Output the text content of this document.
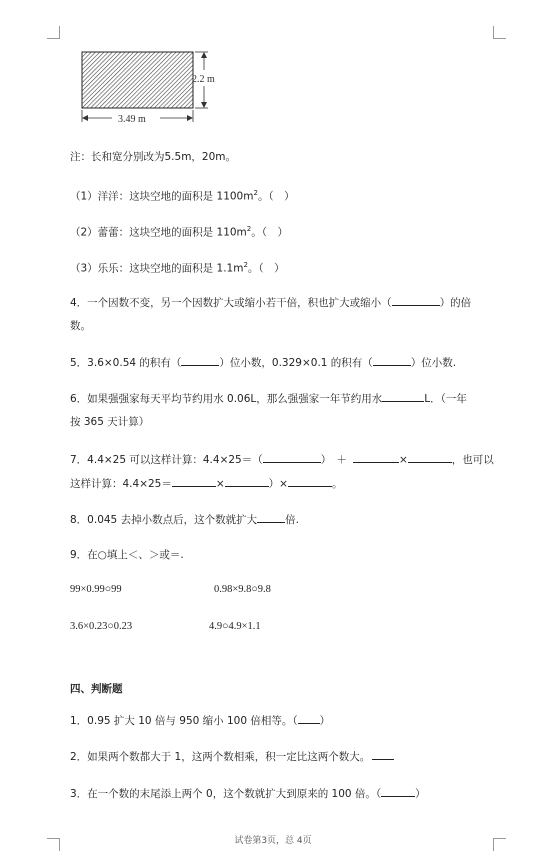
2.2 m
3.49 m
注：长和宽分别改为5.5m，20m。
（1）洋洋：这块空地的面积是 $1100m^2$。（　）
（2）蕾蕾：这块空地的面积是 $110m^2$。（　）
（3）乐乐：这块空地的面积是 $1.1m^2$。（　）
4．一个因数不变，另一个因数扩大或缩小若干倍，积也扩大或缩小（	）的倍
数。
5．3.6×0.54 的积有（	）位小数，0.329×0.1 的积有（	）位小数.
6．如果强强家每天平均节约用水 0.06L，那么强强家一年节约用水	L．（一年
按 365 天计算）
7．4.4×25 可以这样计算：4.4×25＝（	）　＋	×	，也可以
这样计算：4.4×25＝	×	）×	。
8．0.045 去掉小数点后，这个数就扩大	倍.
9．在○填上＜、＞或＝.
99×0.99○99	0.98×9.8○9.8
3.6×0.23○0.23	4.9○4.9×1.1
四、判断题
1．0.95 扩大 10 倍与 950 缩小 100 倍相等。（ ）
2．如果两个数都大于 1，这两个数相乘，积一定比这两个数大。
3．在一个数的末尾添上两个 0，这个数就扩大到原来的 100 倍。（	）
试卷第3页，总 4页
